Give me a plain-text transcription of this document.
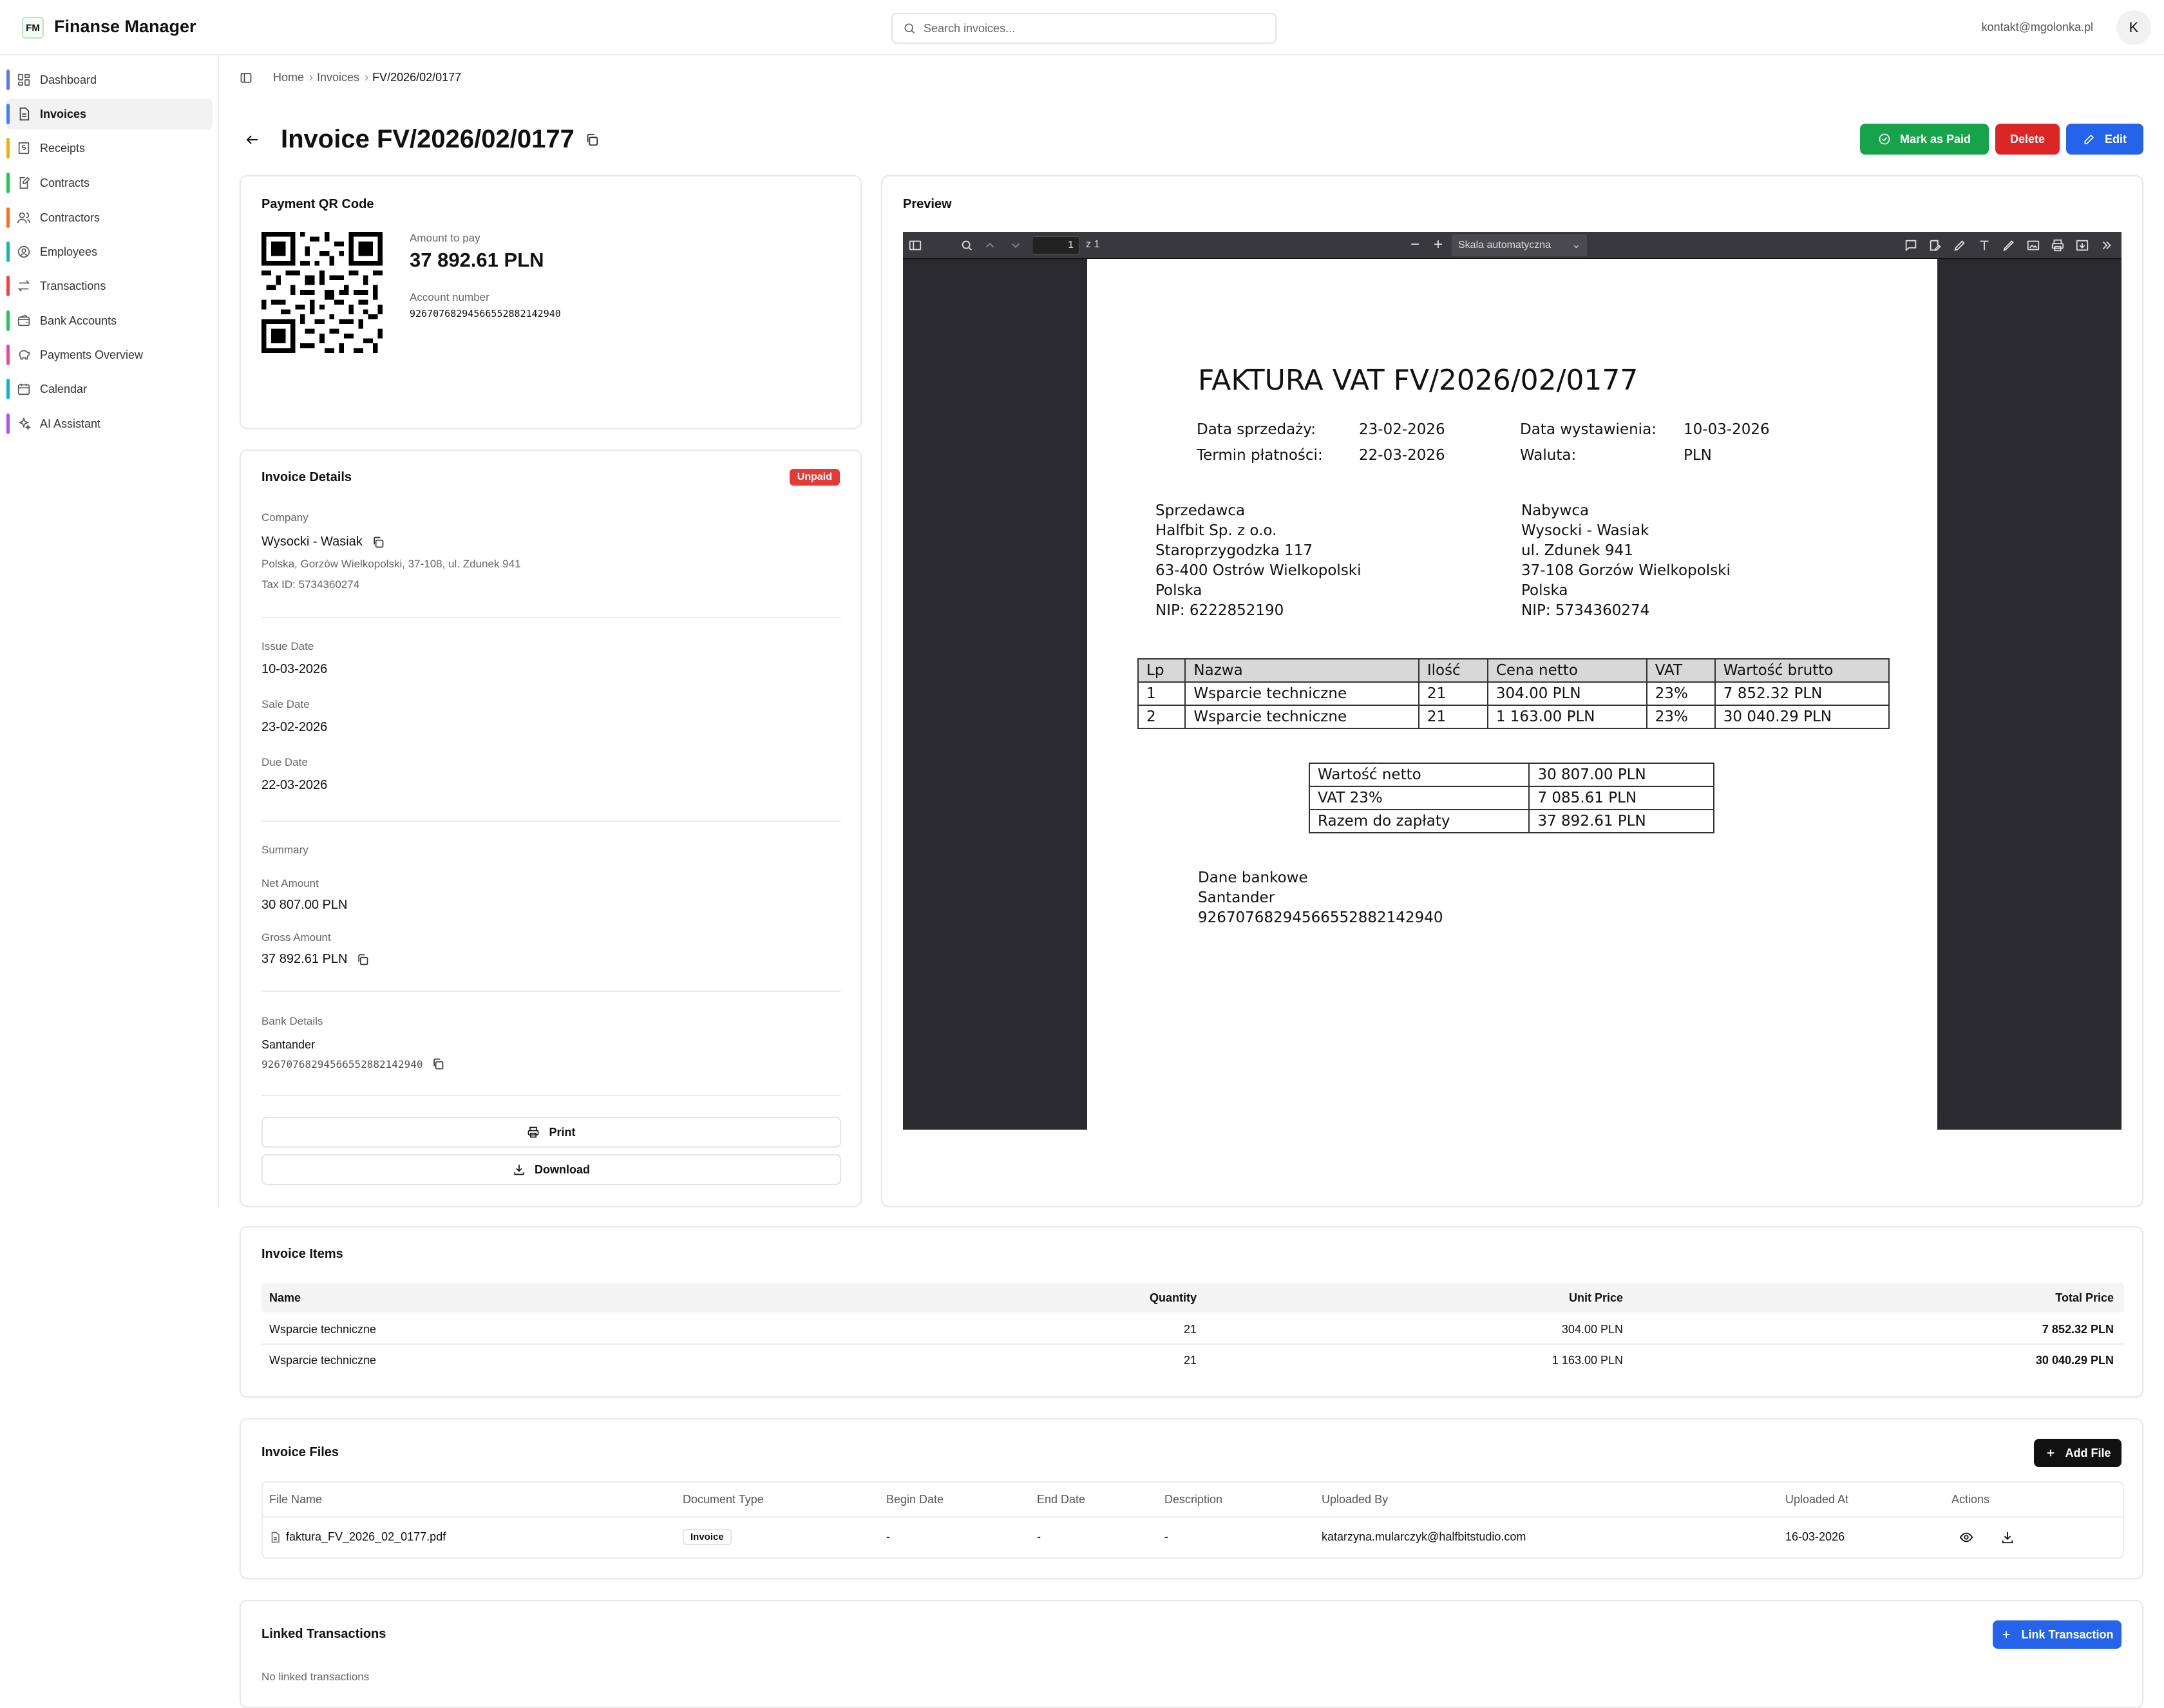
FM Finanse Manager	Search invoices...	kontakt@mgolonka.pl	K
Dashboard
Invoices
Receipts
Contracts
Contractors
Employees
Transactions
Bank Accounts
Payments Overview
Calendar
AI Assistant
Home › Invoices › FV/2026/02/0177
Invoice FV/2026/02/0177	Mark as Paid	Delete	Edit
Payment QR Code
Amount to pay
37 892.61 PLN
Account number
92670768294566552882142940
Invoice Details	Unpaid
Company
Wysocki - Wasiak
Polska, Gorzów Wielkopolski, 37-108, ul. Zdunek 941
Tax ID: 5734360274
Issue Date
10-03-2026
Sale Date
23-02-2026
Due Date
22-03-2026
Summary
Net Amount
30 807.00 PLN
Gross Amount
37 892.61 PLN
Bank Details
Santander
92670768294566552882142940
Print
Download
Preview
1	z 1	− +	Skala automatyczna ⌄
FAKTURA VAT FV/2026/02/0177
Data sprzedaży:	23-02-2026	Data wystawienia: 10-03-2026
Termin płatności: 22-03-2026	Waluta:	PLN
Sprzedawca
Halfbit Sp. z o.o.
Staroprzygodzka 117
63-400 Ostrów Wielkopolski
Polska
NIP: 6222852190
Nabywca
Wysocki - Wasiak
ul. Zdunek 941
37-108 Gorzów Wielkopolski
Polska
NIP: 5734360274
Lp	Nazwa	Ilość	Cena netto	VAT	Wartość brutto
1	Wsparcie techniczne	21	304.00 PLN	23%	7 852.32 PLN
2	Wsparcie techniczne	21	1 163.00 PLN	23%	30 040.29 PLN
Wartość netto	30 807.00 PLN
VAT 23%	7 085.61 PLN
Razem do zapłaty	37 892.61 PLN
Dane bankowe
Santander
92670768294566552882142940
Invoice Items
Name	Quantity	Unit Price	Total Price
Wsparcie techniczne	21	304.00 PLN	7 852.32 PLN
Wsparcie techniczne	21	1 163.00 PLN	30 040.29 PLN
Invoice Files	Add File
File Name	Document Type	Begin Date	End Date	Description	Uploaded By	Uploaded At	Actions
faktura_FV_2026_02_0177.pdf	Invoice	-	-	-	katarzyna.mularczyk@halfbitstudio.com	16-03-2026
Linked Transactions	Link Transaction
No linked transactions
